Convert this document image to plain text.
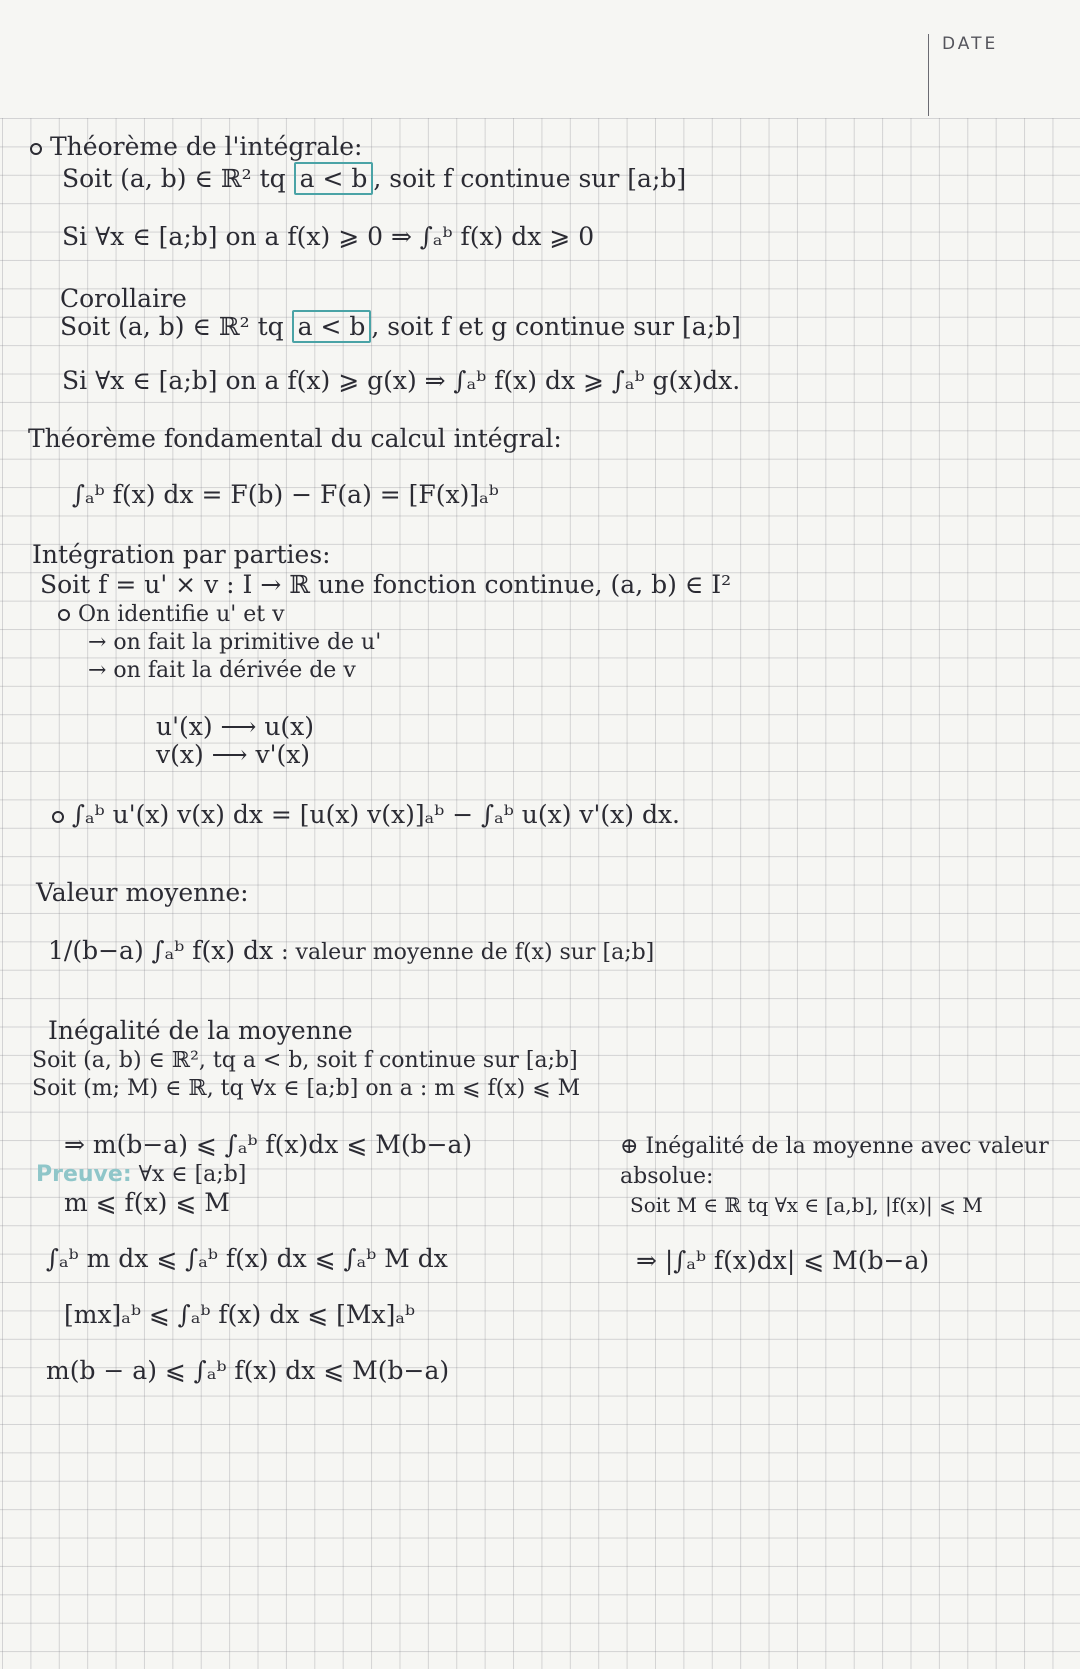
DATE
Théorème de l'intégrale:
Soit (a, b) ∈ ℝ² tq a < b , soit f continue sur [a;b]
Si ∀x ∈ [a;b] on a f(x) ⩾ 0 ⇒ ∫ₐᵇ f(x) dx ⩾ 0
Corollaire
Soit (a, b) ∈ ℝ² tq a < b , soit f et g continue sur [a;b]
Si ∀x ∈ [a;b] on a f(x) ⩾ g(x) ⇒ ∫ₐᵇ f(x) dx ⩾ ∫ₐᵇ g(x)dx.
Théorème fondamental du calcul intégral:
∫ₐᵇ f(x) dx = F(b) − F(a) = [F(x)]ₐᵇ
Intégration par parties:
Soit f = u' × v : I → ℝ une fonction continue, (a, b) ∈ I²
On identifie u' et v
→ on fait la primitive de u'
→ on fait la dérivée de v
u'(x) ⟶ u(x)
v(x) ⟶ v'(x)
∫ₐᵇ u'(x) v(x) dx = [u(x) v(x)]ₐᵇ − ∫ₐᵇ u(x) v'(x) dx.
Valeur moyenne:
1/(b−a) ∫ₐᵇ f(x) dx : valeur moyenne de f(x) sur [a;b]
Inégalité de la moyenne
Soit (a, b) ∈ ℝ², tq a < b, soit f continue sur [a;b]
Soit (m; M) ∈ ℝ, tq ∀x ∈ [a;b] on a : m ⩽ f(x) ⩽ M
⇒ m(b−a) ⩽ ∫ₐᵇ f(x)dx ⩽ M(b−a)
Preuve: ∀x ∈ [a;b]
m ⩽ f(x) ⩽ M
∫ₐᵇ m dx ⩽ ∫ₐᵇ f(x) dx ⩽ ∫ₐᵇ M dx
[mx]ₐᵇ ⩽ ∫ₐᵇ f(x) dx ⩽ [Mx]ₐᵇ
m(b − a) ⩽ ∫ₐᵇ f(x) dx ⩽ M(b−a)
⊕ Inégalité de la moyenne avec valeur absolue:
Soit M ∈ ℝ tq ∀x ∈ [a,b], |f(x)| ⩽ M
⇒ |∫ₐᵇ f(x)dx| ⩽ M(b−a)
